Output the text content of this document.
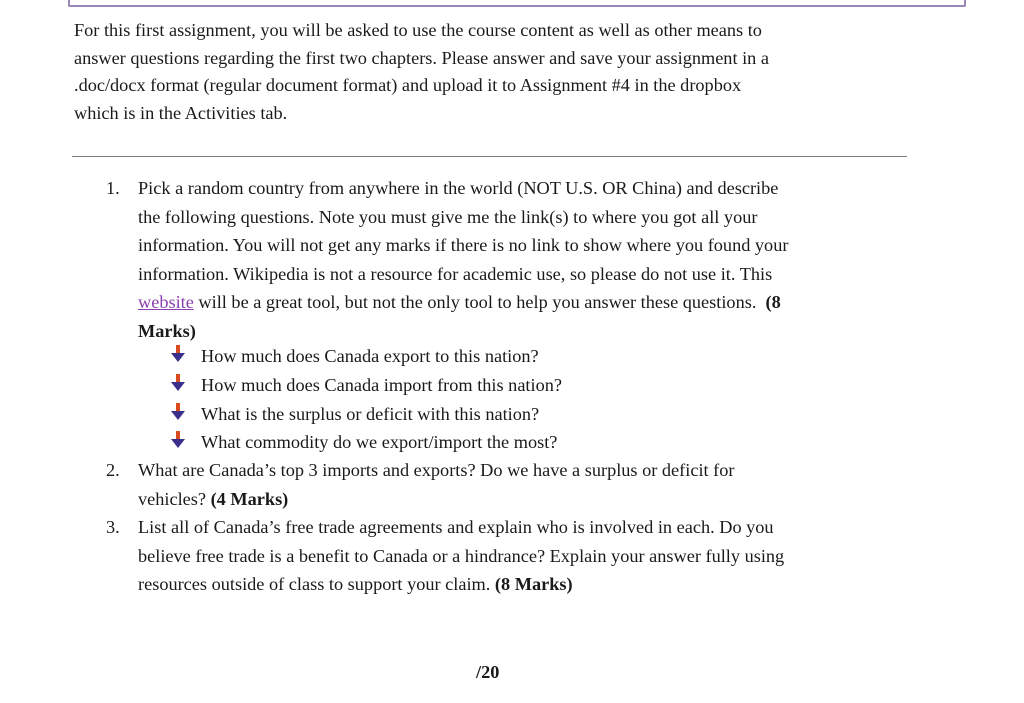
For this first assignment, you will be asked to use the course content as well as other means to
answer questions regarding the first two chapters. Please answer and save your assignment in a
.doc/docx format (regular document format) and upload it to Assignment #4 in the dropbox
which is in the Activities tab.
1. Pick a random country from anywhere in the world (NOT U.S. OR China) and describe
the following questions. Note you must give me the link(s) to where you got all your
information. You will not get any marks if there is no link to show where you found your
information. Wikipedia is not a resource for academic use, so please do not use it. This
website will be a great tool, but not the only tool to help you answer these questions. (8
Marks)
How much does Canada export to this nation?
How much does Canada import from this nation?
What is the surplus or deficit with this nation?
What commodity do we export/import the most?
2. What are Canada’s top 3 imports and exports? Do we have a surplus or deficit for
vehicles? (4 Marks)
3. List all of Canada’s free trade agreements and explain who is involved in each. Do you
believe free trade is a benefit to Canada or a hindrance? Explain your answer fully using
resources outside of class to support your claim. (8 Marks)
/20
